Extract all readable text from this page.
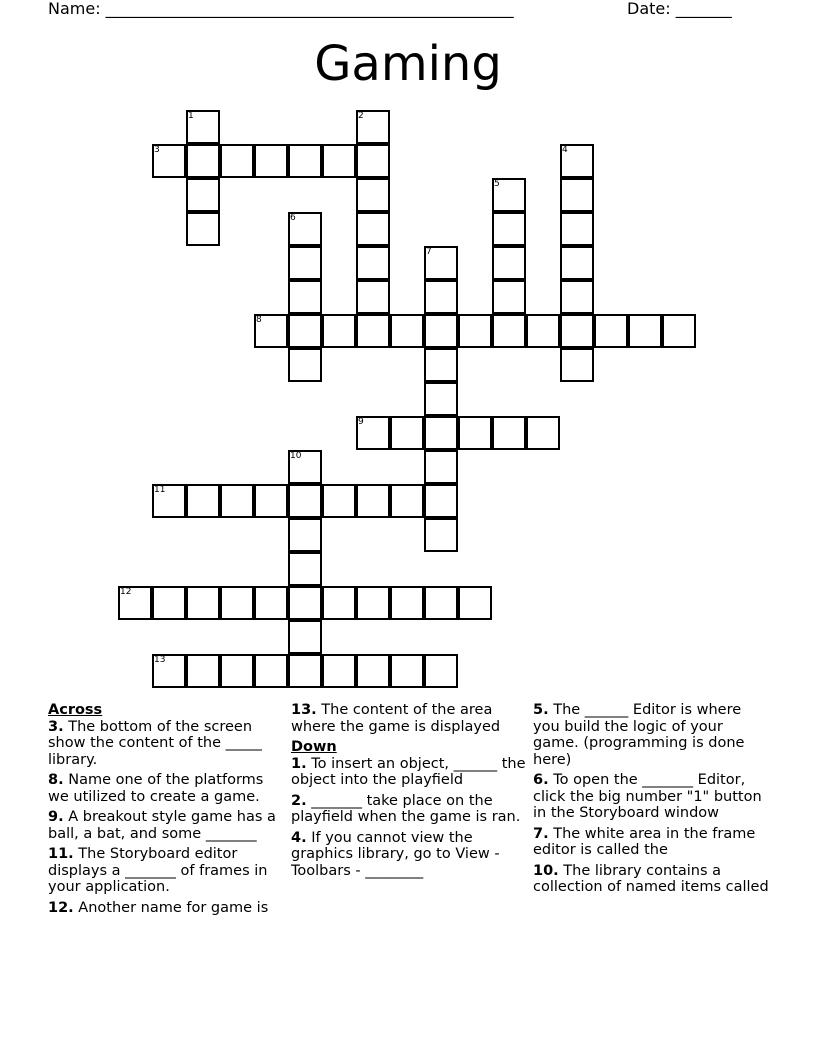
Name: ___________________________________________________	Date: _______
Gaming
1	2
3	4
5
6
7
8
9
10
11
12
13
Across
3. The bottom of the screen show the content of the _____ library.
8. Name one of the platforms we utilized to create a game.
9. A breakout style game has a ball, a bat, and some _______
11. The Storyboard editor displays a _______ of frames in your application.
12. Another name for game is
13. The content of the area where the game is displayed
Down
1. To insert an object, ______ the object into the playfield
2. _______ take place on the playfield when the game is ran.
4. If you cannot view the graphics library, go to View - Toolbars - ________
5. The ______ Editor is where you build the logic of your game. (programming is done here)
6. To open the _______ Editor, click the big number "1" button in the Storyboard window
7. The white area in the frame editor is called the
10. The library contains a collection of named items called
